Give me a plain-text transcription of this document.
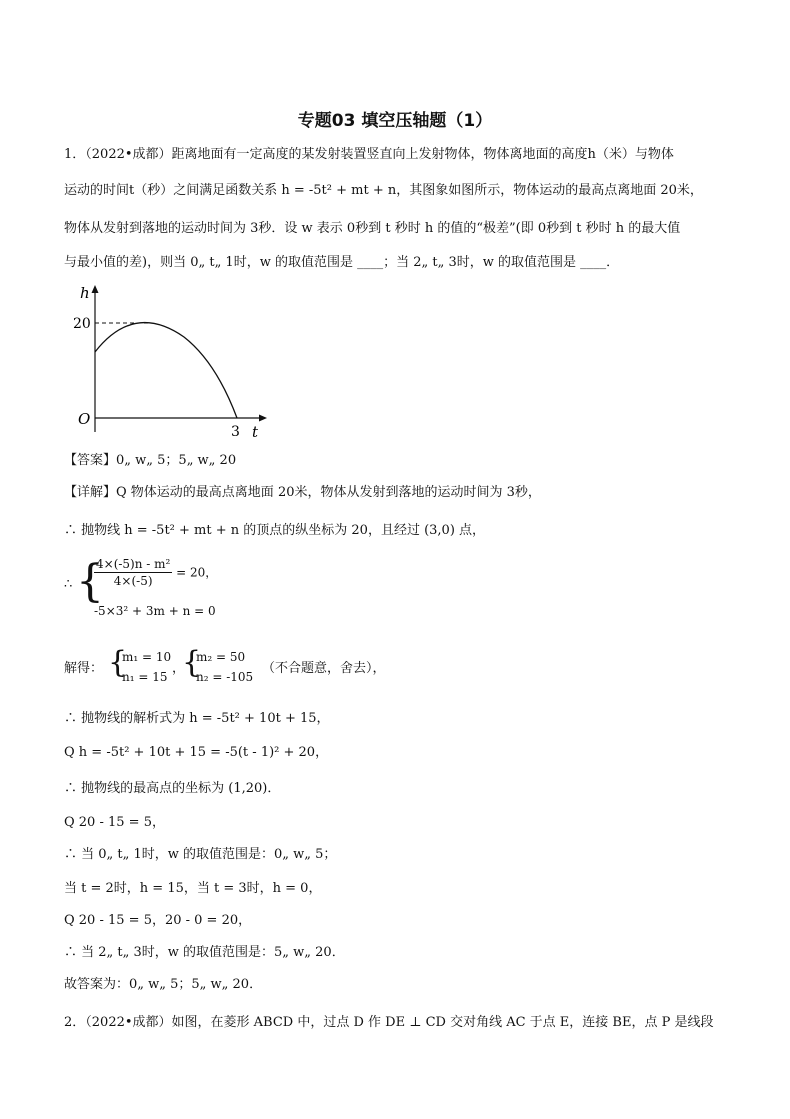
专题03 填空压轴题（1）
1．（2022•成都）距离地面有一定高度的某发射装置竖直向上发射物体，物体离地面的高度h（米）与物体
运动的时间t（秒）之间满足函数关系 h = -5t² + mt + n，其图象如图所示，物体运动的最高点离地面 20米，
物体从发射到落地的运动时间为 3秒．设 w 表示 0秒到 t 秒时 h 的值的“极差”(即 0秒到 t 秒时 h 的最大值
与最小值的差)，则当 0„ t„ 1时，w 的取值范围是 ____；当 2„ t„ 3时，w 的取值范围是 ____．
h
20
O
3 t
【答案】0„ w„ 5；5„ w„ 20
【详解】Q 物体运动的最高点离地面 20米，物体从发射到落地的运动时间为 3秒，
∴ 抛物线 h = -5t² + mt + n 的顶点的纵坐标为 20，且经过 (3,0) 点，
∴ {
$\frac{\text{4×(-5)n - m²}}{4\times(-5)} = 20$，
-5×3² + 3m + n = 0
解得： {
m₁ = 10
n₁ = 15
，
{
m₂ = 50
n₂ = -105
（不合题意，舍去），
∴ 抛物线的解析式为 h = -5t² + 10t + 15，
Q h = -5t² + 10t + 15 = -5(t - 1)² + 20，
∴ 抛物线的最高点的坐标为 (1,20)．
Q 20 - 15 = 5，
∴ 当 0„ t„ 1时，w 的取值范围是：0„ w„ 5；
当 t = 2时，h = 15，当 t = 3时，h = 0，
Q 20 - 15 = 5，20 - 0 = 20，
∴ 当 2„ t„ 3时，w 的取值范围是：5„ w„ 20．
故答案为：0„ w„ 5；5„ w„ 20．
2．（2022•成都）如图，在菱形 ABCD 中，过点 D 作 DE ⊥ CD 交对角线 AC 于点 E，连接 BE，点 P 是线段
